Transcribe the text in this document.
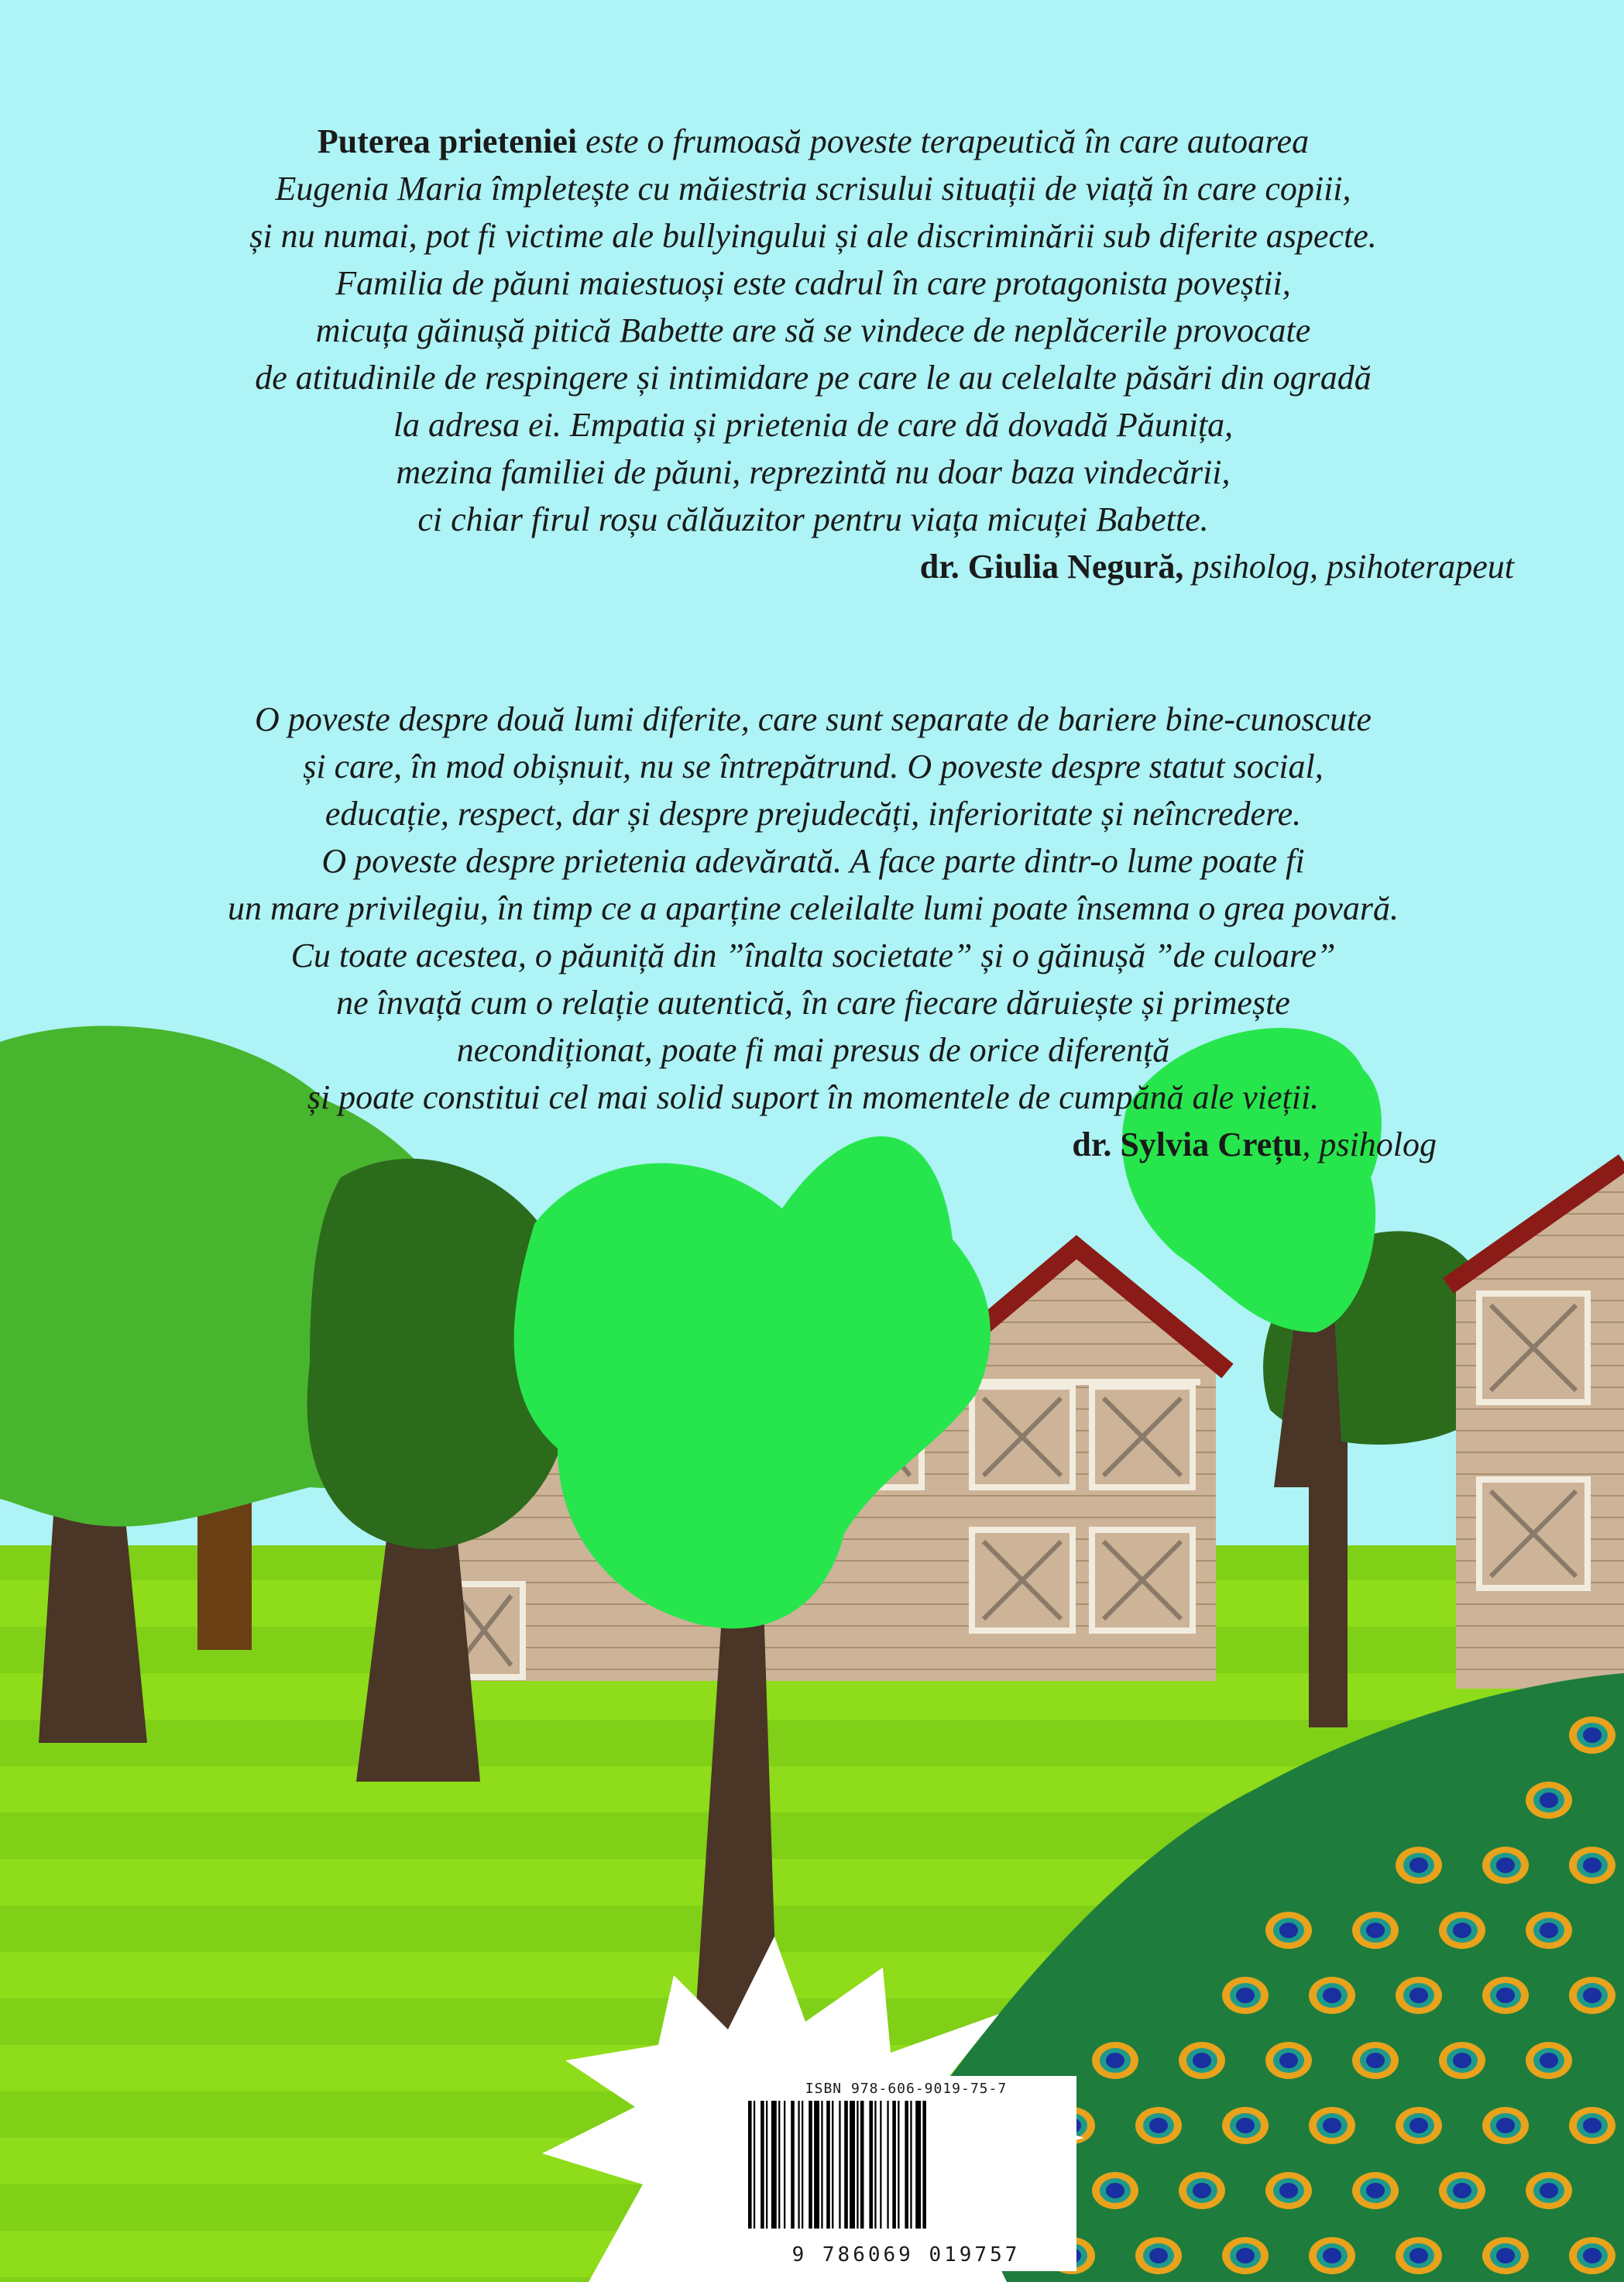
Puterea prieteniei este o frumoasă poveste terapeutică în care autoarea
Eugenia Maria împletește cu măiestria scrisului situații de viață în care copiii,
și nu numai, pot fi victime ale bullyingului și ale discriminării sub diferite aspecte.
Familia de păuni maiestuoși este cadrul în care protagonista poveștii,
micuța găinușă pitică Babette are să se vindece de neplăcerile provocate
de atitudinile de respingere și intimidare pe care le au celelalte păsări din ogradă
la adresa ei. Empatia și prietenia de care dă dovadă Păunița,
mezina familiei de păuni, reprezintă nu doar baza vindecării,
ci chiar firul roșu călăuzitor pentru viața micuței Babette.
dr. Giulia Negură, psiholog, psihoterapeut
O poveste despre două lumi diferite, care sunt separate de bariere bine-cunoscute
și care, în mod obișnuit, nu se întrepătrund. O poveste despre statut social,
educație, respect, dar și despre prejudecăți, inferioritate și neîncredere.
O poveste despre prietenia adevărată. A face parte dintr-o lume poate fi
un mare privilegiu, în timp ce a aparține celeilalte lumi poate însemna o grea povară.
Cu toate acestea, o păuniță din ”înalta societate” și o găinușă ”de culoare”
ne învață cum o relație autentică, în care fiecare dăruiește și primește
necondiționat, poate fi mai presus de orice diferență
și poate constitui cel mai solid suport în momentele de cumpănă ale vieții.
dr. Sylvia Crețu, psiholog
ISBN 978-606-9019-75-7
9 786069 019757
